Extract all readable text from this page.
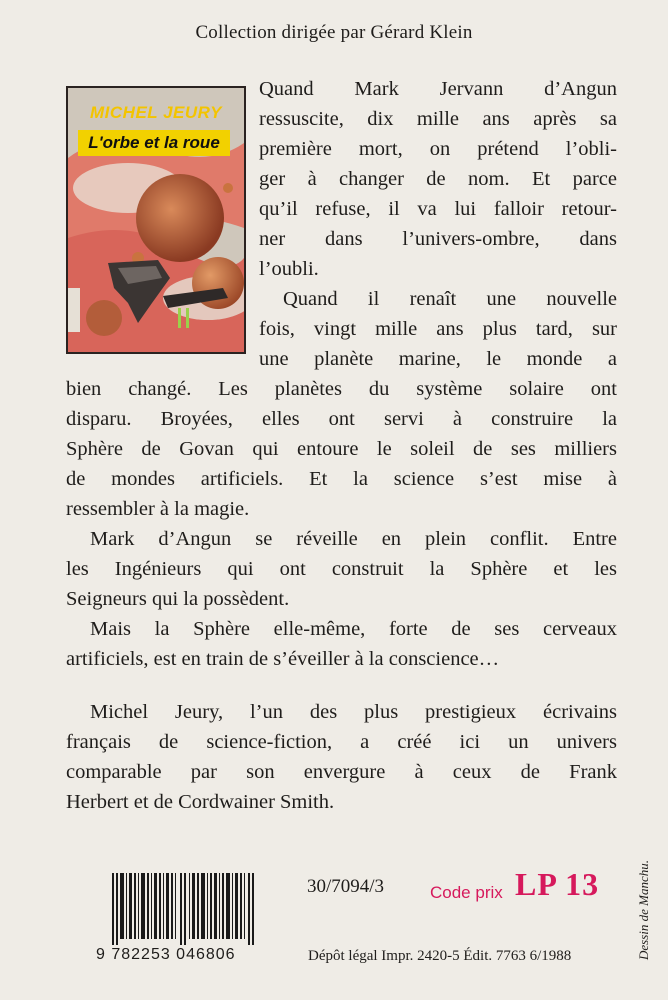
Collection dirigée par Gérard Klein
MICHEL JEURY
L'orbe et la roue
Quand Mark Jervann d’Angun
ressuscite, dix mille ans après sa
première mort, on prétend l’obli-
ger à changer de nom. Et parce
qu’il refuse, il va lui falloir retour-
ner dans l’univers-ombre, dans
l’oubli.
Quand il renaît une nouvelle
fois, vingt mille ans plus tard, sur
une planète marine, le monde a
bien changé. Les planètes du système solaire ont
disparu. Broyées, elles ont servi à construire la
Sphère de Govan qui entoure le soleil de ses milliers
de mondes artificiels. Et la science s’est mise à
ressembler à la magie.
Mark d’Angun se réveille en plein conflit. Entre
les Ingénieurs qui ont construit la Sphère et les
Seigneurs qui la possèdent.
Mais la Sphère elle-même, forte de ses cerveaux
artificiels, est en train de s’éveiller à la conscience…
Michel Jeury, l’un des plus prestigieux écrivains
français de science-fiction, a créé ici un univers
comparable par son envergure à ceux de Frank
Herbert et de Cordwainer Smith.
9 782253 046806
30/7094/3	Code prix LP 13
Dépôt légal Impr. 2420-5 Édit. 7763 6/1988	Dessin de Manchu.
